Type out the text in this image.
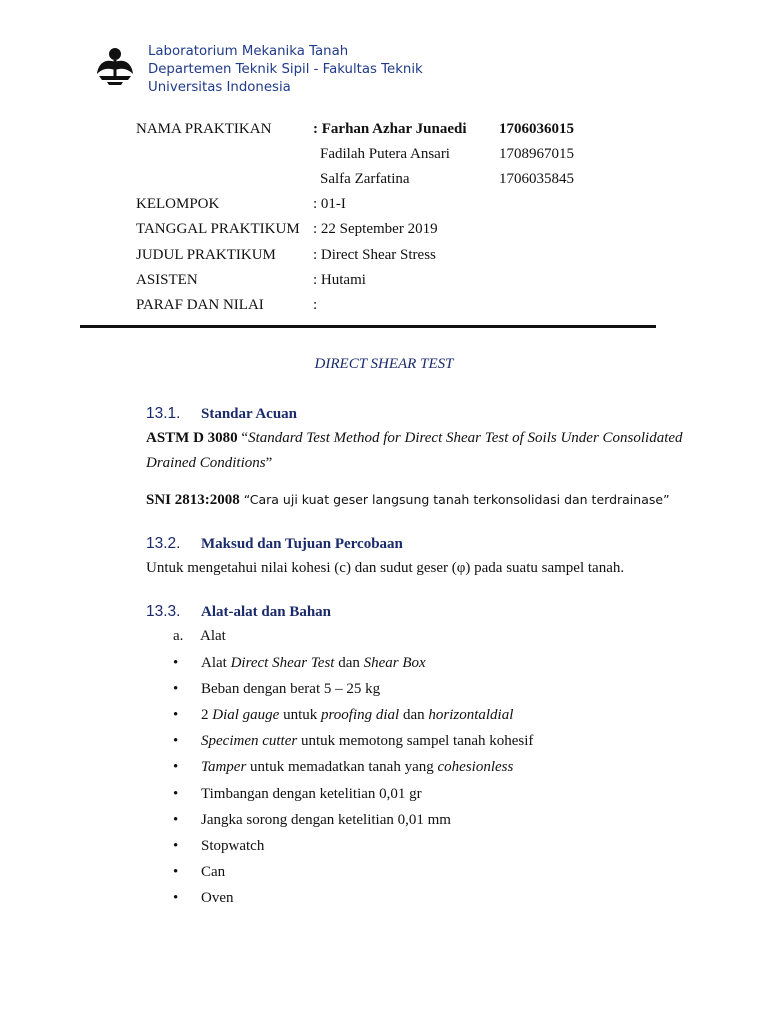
Laboratorium Mekanika Tanah
Departemen Teknik Sipil - Fakultas Teknik
Universitas Indonesia
NAMA PRAKTIKAN	: Farhan Azhar Junaedi 1706036015
Fadilah Putera Ansari	1708967015
Salfa Zarfatina	1706035845
KELOMPOK	: 01-I
TANGGAL PRAKTIKUM : 22 September 2019
JUDUL PRAKTIKUM : Direct Shear Stress
ASISTEN	: Hutami
PARAF DAN NILAI	:
DIRECT SHEAR TEST
13.1. Standar Acuan
ASTM D 3080 “Standard Test Method for Direct Shear Test of Soils Under Consolidated Drained Conditions”
SNI 2813:2008 “Cara uji kuat geser langsung tanah terkonsolidasi dan terdrainase”
13.2. Maksud dan Tujuan Percobaan
Untuk mengetahui nilai kohesi (c) dan sudut geser (φ) pada suatu sampel tanah.
13.3. Alat-alat dan Bahan
a. Alat
• Alat Direct Shear Test dan Shear Box
• Beban dengan berat 5 – 25 kg
• 2 Dial gauge untuk proofing dial dan horizontaldial
• Specimen cutter untuk memotong sampel tanah kohesif
• Tamper untuk memadatkan tanah yang cohesionless
• Timbangan dengan ketelitian 0,01 gr
• Jangka sorong dengan ketelitian 0,01 mm
• Stopwatch
• Can
• Oven
